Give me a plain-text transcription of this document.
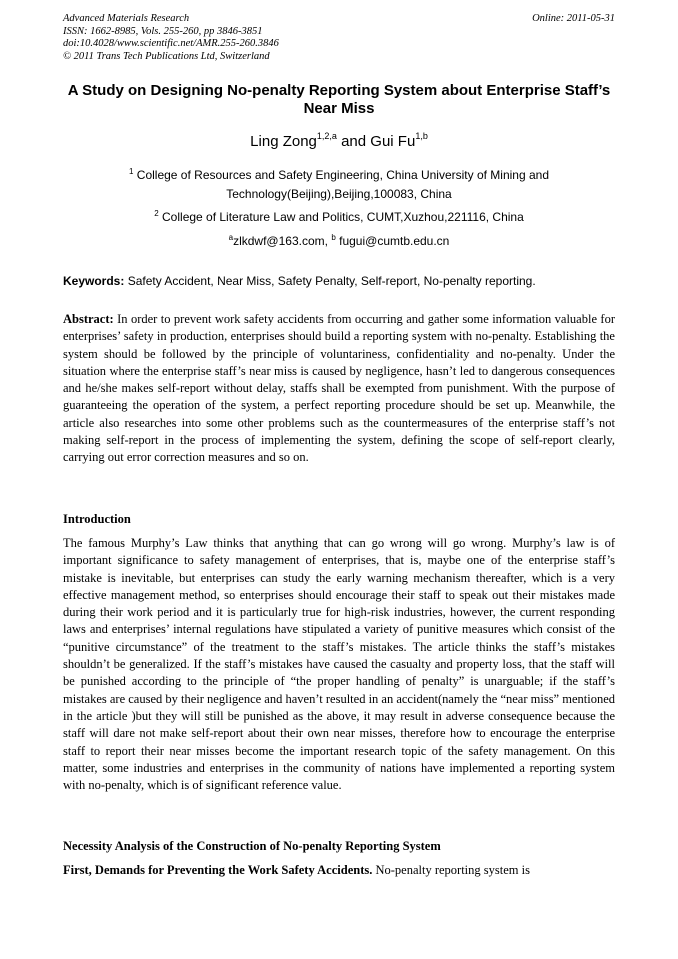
Advanced Materials Research
ISSN: 1662-8985, Vols. 255-260, pp 3846-3851
doi:10.4028/www.scientific.net/AMR.255-260.3846
© 2011 Trans Tech Publications Ltd, Switzerland
Online: 2011-05-31
A Study on Designing No-penalty Reporting System about Enterprise Staff’s Near Miss
Ling Zong$^{1,2,a}$ and Gui Fu$^{1,b}$
$^1$ College of Resources and Safety Engineering, China University of Mining and Technology(Beijing),Beijing,100083, China
$^2$ College of Literature Law and Politics, CUMT,Xuzhou,221116, China
$^a$zlkdwf@163.com, $^b$ fugui@cumtb.edu.cn
Keywords: Safety Accident, Near Miss, Safety Penalty, Self-report, No-penalty reporting.
Abstract: In order to prevent work safety accidents from occurring and gather some information valuable for enterprises’ safety in production, enterprises should build a reporting system with no-penalty. Establishing the system should be followed by the principle of voluntariness, confidentiality and no-penalty. Under the situation where the enterprise staff’s near miss is caused by negligence, hasn’t led to dangerous consequences and he/she makes self-report without delay, staffs shall be exempted from punishment. With the purpose of guaranteeing the operation of the system, a perfect reporting procedure should be set up. Meanwhile, the article also researches into some other problems such as the countermeasures of the enterprise staff’s not making self-report in the process of implementing the system, defining the scope of self-report clearly, carrying out error correction measures and so on.
Introduction
The famous Murphy’s Law thinks that anything that can go wrong will go wrong. Murphy’s law is of important significance to safety management of enterprises, that is, maybe one of the enterprise staff’s mistake is inevitable, but enterprises can study the early warning mechanism thereafter, which is a very effective management method, so enterprises should encourage their staff to speak out their mistakes made during their work period and it is particularly true for high-risk industries, however, the current responding laws and enterprises’ internal regulations have stipulated a variety of punitive measures which consist of the “punitive circumstance” of the treatment to the staff’s mistakes. The article thinks the staff’s mistakes shouldn’t be generalized. If the staff’s mistakes have caused the casualty and property loss, that the staff will be punished according to the principle of “the proper handling of penalty” is unarguable; if the staff’s mistakes are caused by their negligence and haven’t resulted in an accident(namely the “near miss” mentioned in the article )but they will still be punished as the above, it may result in adverse consequence because the staff will dare not make self-report about their own near misses, therefore how to encourage the enterprise staff to report their near misses become the important research topic of the safety management. On this matter, some industries and enterprises in the community of nations have implemented a reporting system with no-penalty, which is of significant reference value.
Necessity Analysis of the Construction of No-penalty Reporting System
First, Demands for Preventing the Work Safety Accidents. No-penalty reporting system is
